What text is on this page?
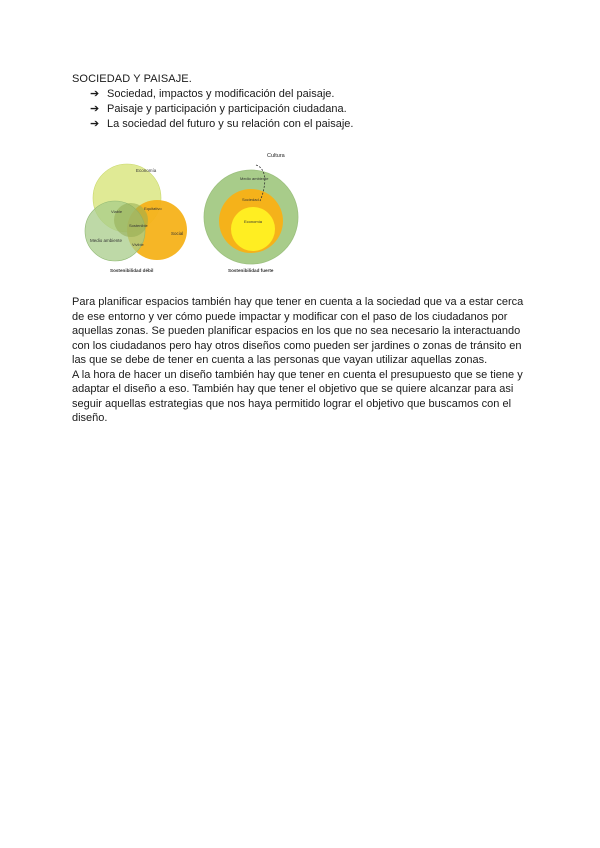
SOCIEDAD Y PAISAJE.
➔ Sociedad, impactos y modificación del paisaje.
➔ Paisaje y participación y participación ciudadana.
➔ La sociedad del futuro y su relación con el paisaje.
Economía
Medio ambiente
Social
Viable
Equitativo
Sostenible
Vivible
Sostenibilidad débil
Cultura
Medio ambiente
Sociedad
Economía
Sostenibilidad fuerte

Para planificar espacios también hay que tener en cuenta a la sociedad que va a estar cerca de ese entorno y ver cómo puede impactar y modificar con el paso de los ciudadanos por aquellas zonas. Se pueden planificar espacios en los que no sea necesario la interactuando con los ciudadanos pero hay otros diseños como pueden ser jardines o zonas de tránsito en las que se debe de tener en cuenta a las personas que vayan utilizar aquellas zonas.

A la hora de hacer un diseño también hay que tener en cuenta el presupuesto que se tiene y adaptar el diseño a eso. También hay que tener el objetivo que se quiere alcanzar para asi seguir aquellas estrategias que nos haya permitido lograr el objetivo que buscamos con el diseño.
